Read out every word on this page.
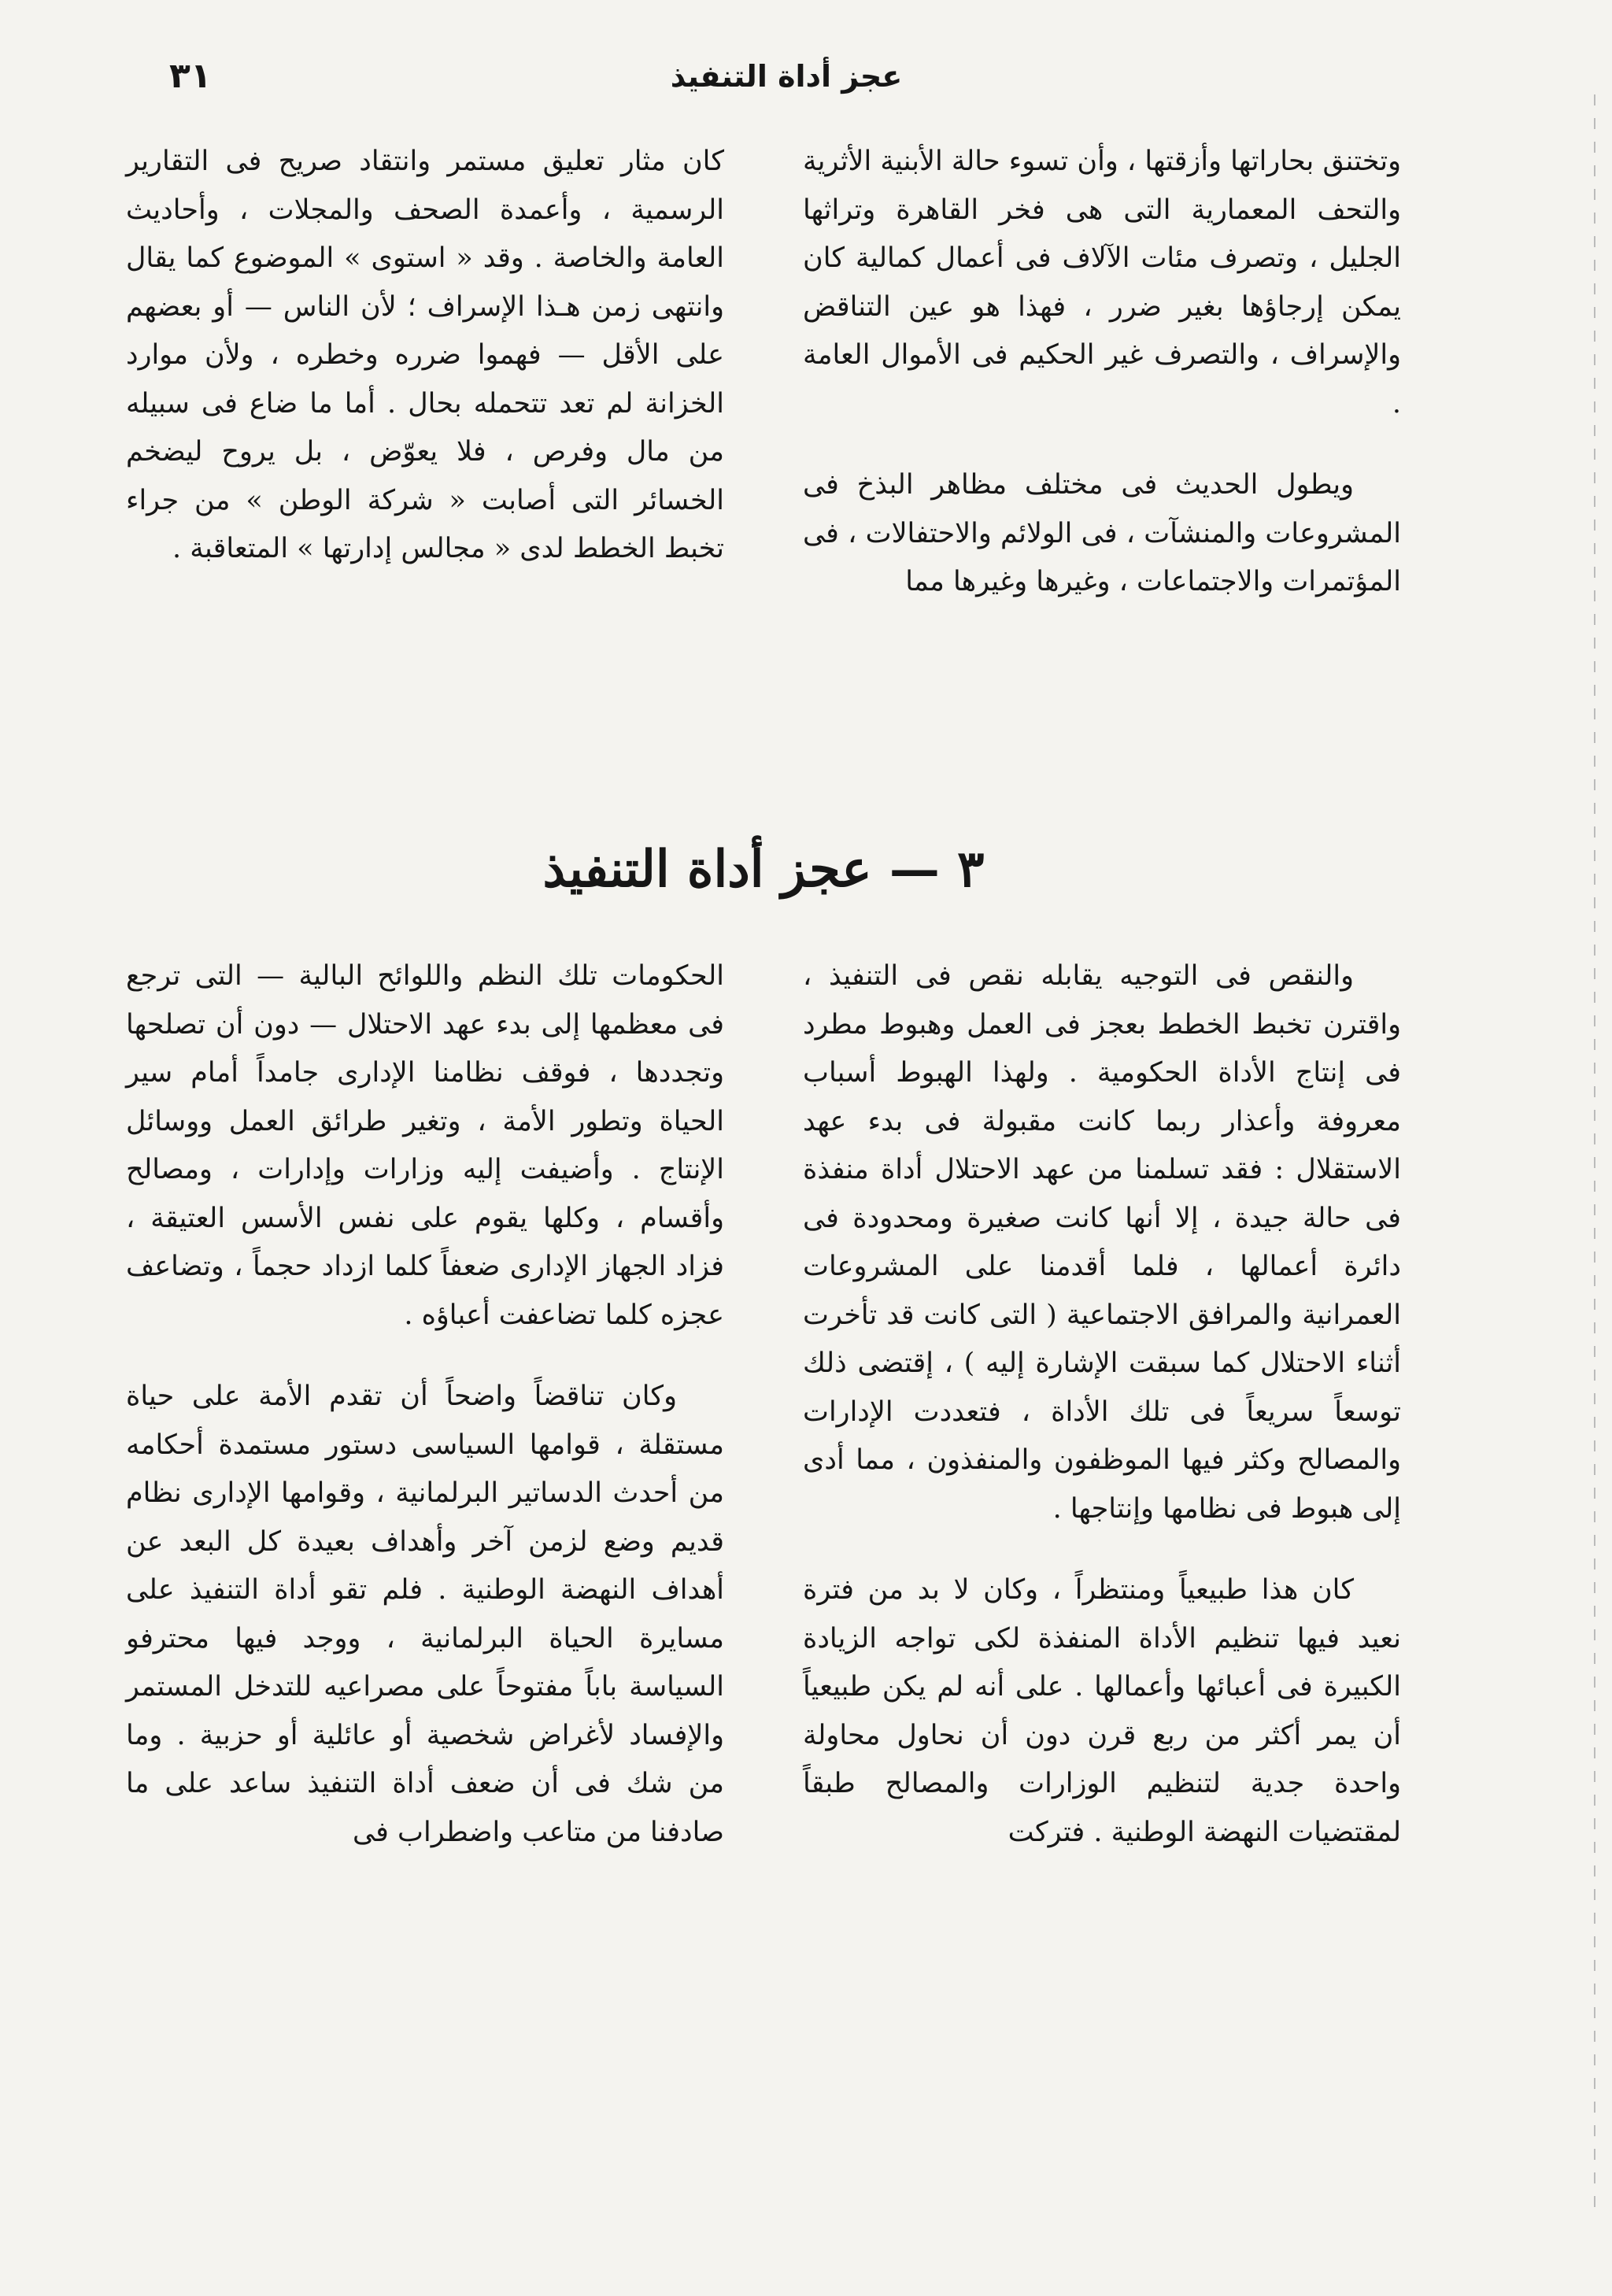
عجز أداة التنفيذ
٣١

وتختنق بحاراتها وأزقتها ، وأن تسوء حالة الأبنية الأثرية والتحف المعمارية التى هى فخر القاهرة وتراثها الجليل ، وتصرف مئات الآلاف فى أعمال كمالية كان يمكن إرجاؤها بغير ضرر ، فهذا هو عين التناقض والإسراف ، والتصرف غير الحكيم فى الأموال العامة .

ويطول الحديث فى مختلف مظاهر البذخ فى المشروعات والمنشآت ، فى الولائم والاحتفالات ، فى المؤتمرات والاجتماعات ، وغيرها وغيرها مما

كان مثار تعليق مستمر وانتقاد صريح فى التقارير الرسمية ، وأعمدة الصحف والمجلات ، وأحاديث العامة والخاصة . وقد « استوى » الموضوع كما يقال وانتهى زمن هـذا الإسراف ؛ لأن الناس — أو بعضهم على الأقل — فهموا ضرره وخطره ، ولأن موارد الخزانة لم تعد تتحمله بحال . أما ما ضاع فى سبيله من مال وفرص ، فلا يعوّض ، بل يروح ليضخم الخسائر التى أصابت « شركة الوطن » من جراء تخبط الخطط لدى « مجالس إدارتها » المتعاقبة .

٣ — عجز أداة التنفيذ

والنقص فى التوجيه يقابله نقص فى التنفيذ ، واقترن تخبط الخطط بعجز فى العمل وهبوط مطرد فى إنتاج الأداة الحكومية . ولهذا الهبوط أسباب معروفة وأعذار ربما كانت مقبولة فى بدء عهد الاستقلال : فقد تسلمنا من عهد الاحتلال أداة منفذة فى حالة جيدة ، إلا أنها كانت صغيرة ومحدودة فى دائرة أعمالها ، فلما أقدمنا على المشروعات العمرانية والمرافق الاجتماعية ( التى كانت قد تأخرت أثناء الاحتلال كما سبقت الإشارة إليه ) ، إقتضى ذلك توسعاً سريعاً فى تلك الأداة ، فتعددت الإدارات والمصالح وكثر فيها الموظفون والمنفذون ، مما أدى إلى هبوط فى نظامها وإنتاجها .

كان هذا طبيعياً ومنتظراً ، وكان لا بد من فترة نعيد فيها تنظيم الأداة المنفذة لكى تواجه الزيادة الكبيرة فى أعبائها وأعمالها . على أنه لم يكن طبيعياً أن يمر أكثر من ربع قرن دون أن نحاول محاولة واحدة جدية لتنظيم الوزارات والمصالح طبقاً لمقتضيات النهضة الوطنية . فتركت

الحكومات تلك النظم واللوائح البالية — التى ترجع فى معظمها إلى بدء عهد الاحتلال — دون أن تصلحها وتجددها ، فوقف نظامنا الإدارى جامداً أمام سير الحياة وتطور الأمة ، وتغير طرائق العمل ووسائل الإنتاج . وأضيفت إليه وزارات وإدارات ، ومصالح وأقسام ، وكلها يقوم على نفس الأسس العتيقة ، فزاد الجهاز الإدارى ضعفاً كلما ازداد حجماً ، وتضاعف عجزه كلما تضاعفت أعباؤه .

وكان تناقضاً واضحاً أن تقدم الأمة على حياة مستقلة ، قوامها السياسى دستور مستمدة أحكامه من أحدث الدساتير البرلمانية ، وقوامها الإدارى نظام قديم وضع لزمن آخر وأهداف بعيدة كل البعد عن أهداف النهضة الوطنية . فلم تقو أداة التنفيذ على مسايرة الحياة البرلمانية ، ووجد فيها محترفو السياسة باباً مفتوحاً على مصراعيه للتدخل المستمر والإفساد لأغراض شخصية أو عائلية أو حزبية . وما من شك فى أن ضعف أداة التنفيذ ساعد على ما صادفنا من متاعب واضطراب فى
